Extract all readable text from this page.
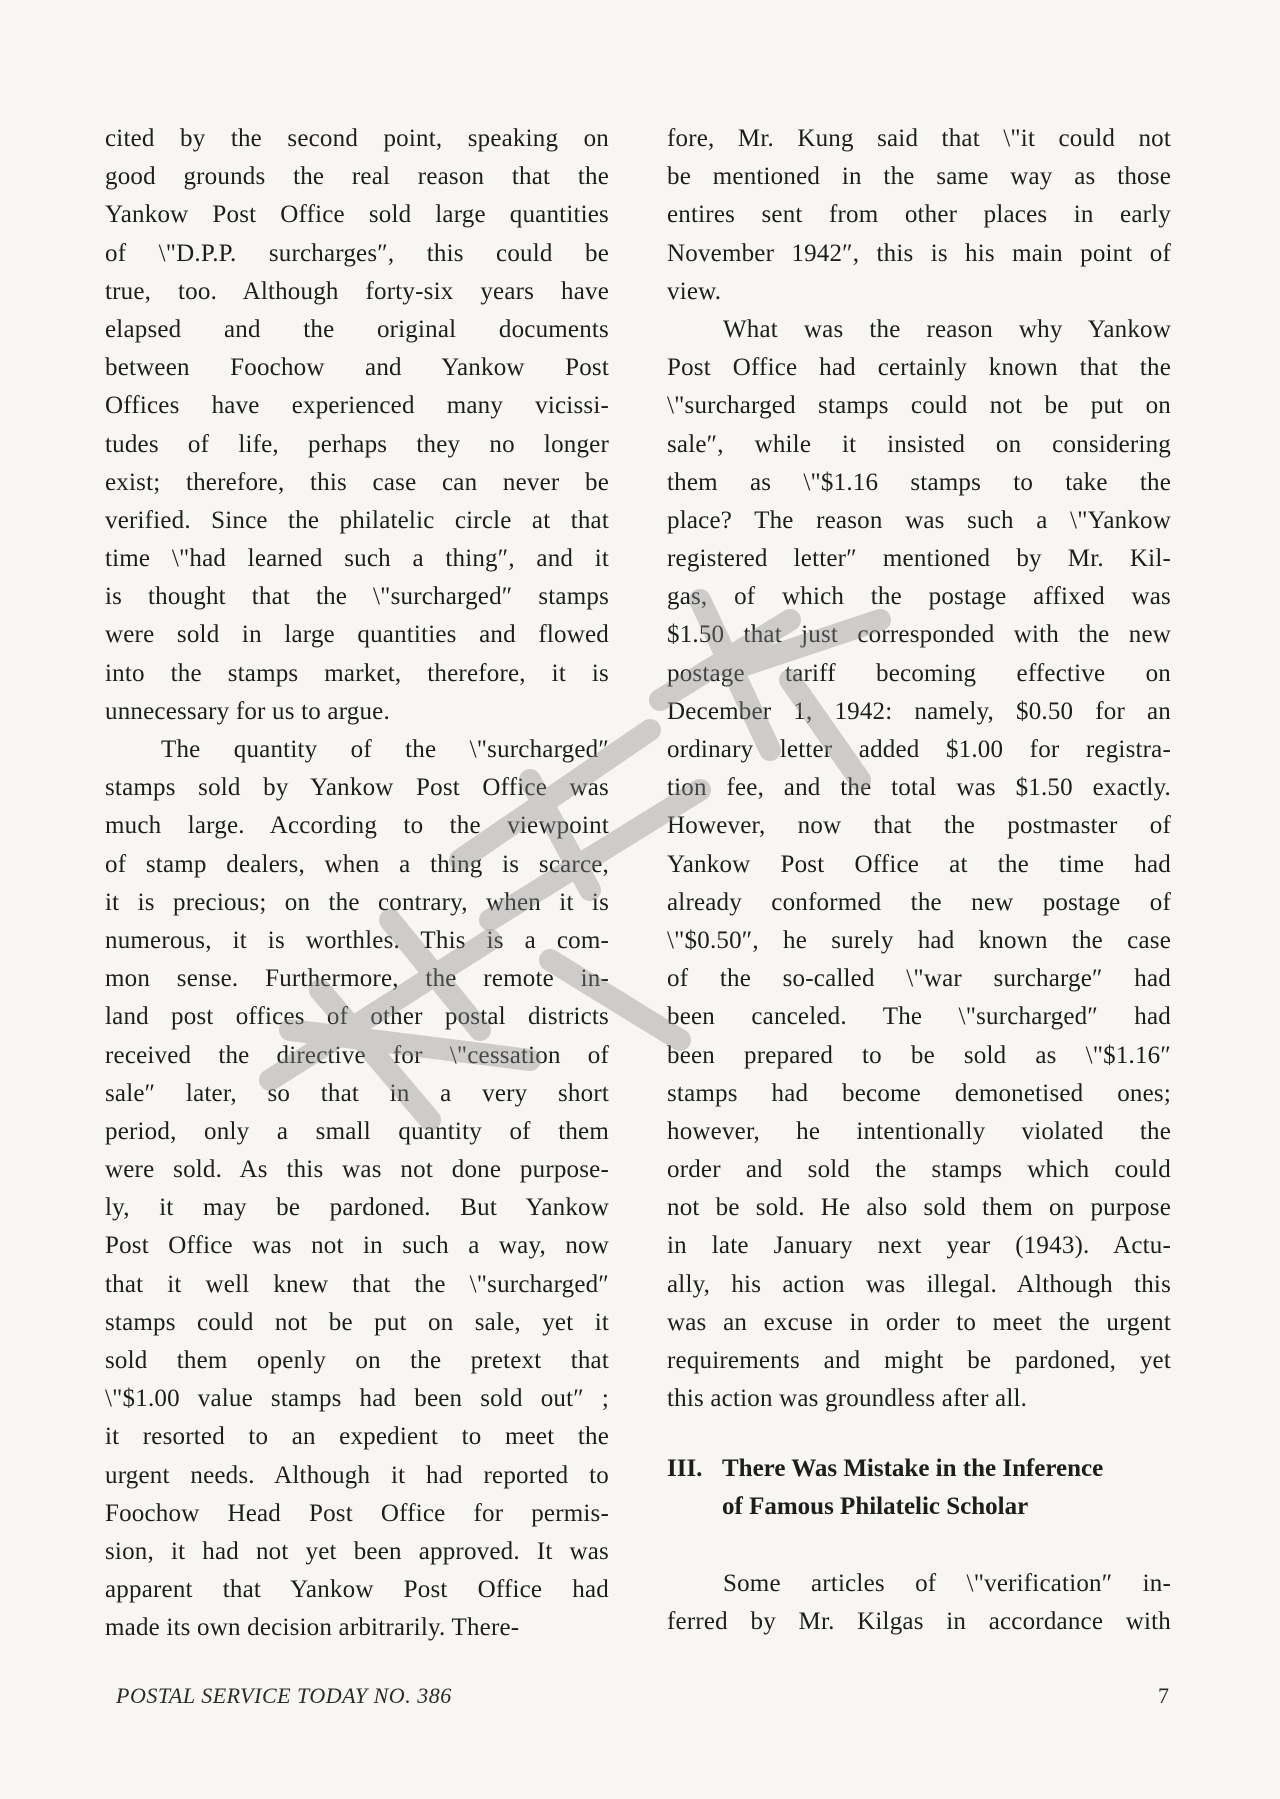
cited by the second point, speaking on
good grounds the real reason that the
Yankow Post Office sold large quantities
of \"D.P.P. surcharges″, this could be
true, too. Although forty-six years have
elapsed and the original documents
between Foochow and Yankow Post
Offices have experienced many vicissi-
tudes of life, perhaps they no longer
exist; therefore, this case can never be
verified. Since the philatelic circle at that
time \"had learned such a thing″, and it
is thought that the \"surcharged″ stamps
were sold in large quantities and flowed
into the stamps market, therefore, it is
unnecessary for us to argue.
The quantity of the \"surcharged″
stamps sold by Yankow Post Office was
much large. According to the viewpoint
of stamp dealers, when a thing is scarce,
it is precious; on the contrary, when it is
numerous, it is worthles. This is a com-
mon sense. Furthermore, the remote in-
land post offices of other postal districts
received the directive for \"cessation of
sale″ later, so that in a very short
period, only a small quantity of them
were sold. As this was not done purpose-
ly, it may be pardoned. But Yankow
Post Office was not in such a way, now
that it well knew that the \"surcharged″
stamps could not be put on sale, yet it
sold them openly on the pretext that
\"$1.00 value stamps had been sold out″ ;
it resorted to an expedient to meet the
urgent needs. Although it had reported to
Foochow Head Post Office for permis-
sion, it had not yet been approved. It was
apparent that Yankow Post Office had
made its own decision arbitrarily. There-
fore, Mr. Kung said that \"it could not
be mentioned in the same way as those
entires sent from other places in early
November 1942″, this is his main point of
view.
What was the reason why Yankow
Post Office had certainly known that the
\"surcharged stamps could not be put on
sale″, while it insisted on considering
them as \"$1.16 stamps to take the
place? The reason was such a \"Yankow
registered letter″ mentioned by Mr. Kil-
gas, of which the postage affixed was
$1.50 that just corresponded with the new
postage tariff becoming effective on
December 1, 1942: namely, $0.50 for an
ordinary letter added $1.00 for registra-
tion fee, and the total was $1.50 exactly.
However, now that the postmaster of
Yankow Post Office at the time had
already conformed the new postage of
\"$0.50″, he surely had known the case
of the so-called \"war surcharge″ had
been canceled. The \"surcharged″ had
been prepared to be sold as \"$1.16″
stamps had become demonetised ones;
however, he intentionally violated the
order and sold the stamps which could
not be sold. He also sold them on purpose
in late January next year (1943). Actu-
ally, his action was illegal. Although this
was an excuse in order to meet the urgent
requirements and might be pardoned, yet
this action was groundless after all.
III. There Was Mistake in the Inference
of Famous Philatelic Scholar
Some articles of \"verification″ in-
ferred by Mr. Kilgas in accordance with
POSTAL SERVICE TODAY NO. 386	7
